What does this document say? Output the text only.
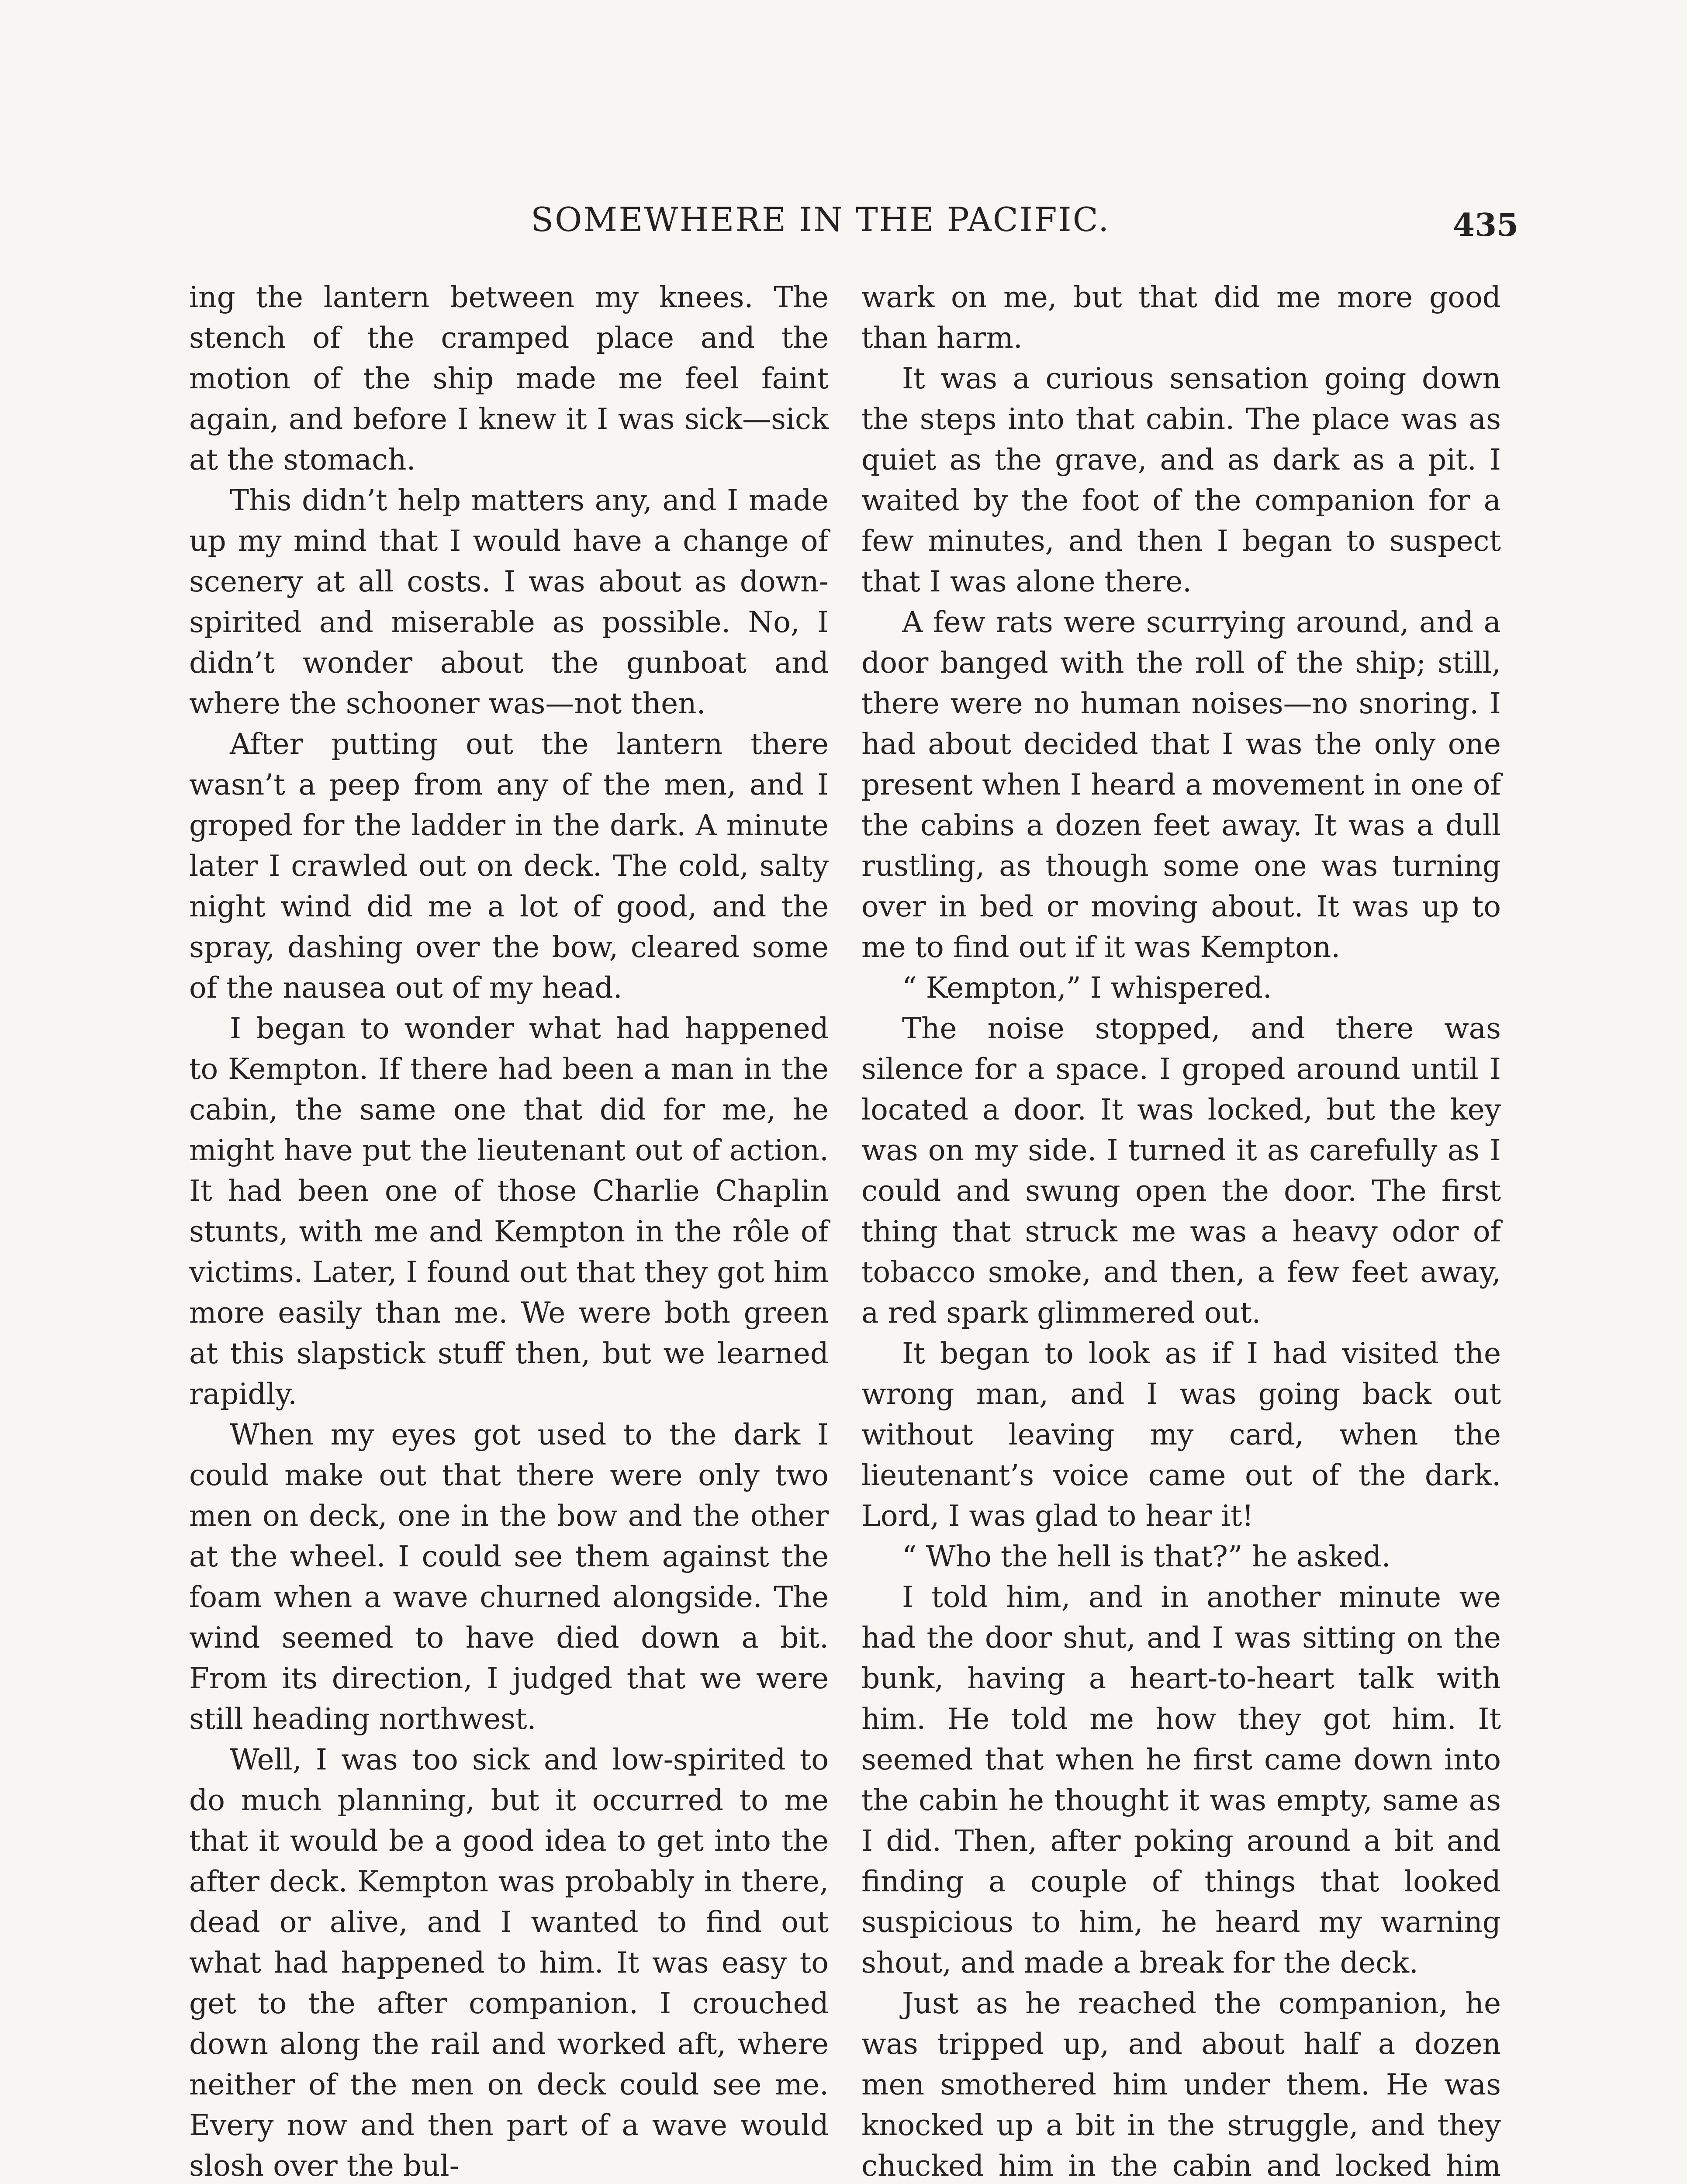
SOMEWHERE IN THE PACIFIC.	435

ing the lantern between my knees. The stench of the cramped place and the motion of the ship made me feel faint again, and before I knew it I was sick—sick at the stomach.

This didn’t help matters any, and I made up my mind that I would have a change of scenery at all costs. I was about as down-spirited and miserable as possible. No, I didn’t wonder about the gunboat and where the schooner was—not then.

After putting out the lantern there wasn’t a peep from any of the men, and I groped for the ladder in the dark. A minute later I crawled out on deck. The cold, salty night wind did me a lot of good, and the spray, dashing over the bow, cleared some of the nausea out of my head.

I began to wonder what had happened to Kempton. If there had been a man in the cabin, the same one that did for me, he might have put the lieutenant out of action. It had been one of those Charlie Chaplin stunts, with me and Kempton in the rôle of victims. Later, I found out that they got him more easily than me. We were both green at this slapstick stuff then, but we learned rapidly.

When my eyes got used to the dark I could make out that there were only two men on deck, one in the bow and the other at the wheel. I could see them against the foam when a wave churned alongside. The wind seemed to have died down a bit. From its direction, I judged that we were still heading northwest.

Well, I was too sick and low-spirited to do much planning, but it occurred to me that it would be a good idea to get into the after deck. Kempton was probably in there, dead or alive, and I wanted to find out what had happened to him. It was easy to get to the after companion. I crouched down along the rail and worked aft, where neither of the men on deck could see me. Every now and then part of a wave would slosh over the bul-

wark on me, but that did me more good than harm.

It was a curious sensation going down the steps into that cabin. The place was as quiet as the grave, and as dark as a pit. I waited by the foot of the companion for a few minutes, and then I began to suspect that I was alone there.

A few rats were scurrying around, and a door banged with the roll of the ship; still, there were no human noises—no snoring. I had about decided that I was the only one present when I heard a movement in one of the cabins a dozen feet away. It was a dull rustling, as though some one was turning over in bed or moving about. It was up to me to find out if it was Kempton.

“ Kempton,” I whispered.

The noise stopped, and there was silence for a space. I groped around until I located a door. It was locked, but the key was on my side. I turned it as carefully as I could and swung open the door. The first thing that struck me was a heavy odor of tobacco smoke, and then, a few feet away, a red spark glimmered out.

It began to look as if I had visited the wrong man, and I was going back out without leaving my card, when the lieutenant’s voice came out of the dark. Lord, I was glad to hear it!

“ Who the hell is that?” he asked.

I told him, and in another minute we had the door shut, and I was sitting on the bunk, having a heart-to-heart talk with him. He told me how they got him. It seemed that when he first came down into the cabin he thought it was empty, same as I did. Then, after poking around a bit and finding a couple of things that looked suspicious to him, he heard my warning shout, and made a break for the deck.

Just as he reached the companion, he was tripped up, and about half a dozen men smothered him under them. He was knocked up a bit in the struggle, and they chucked him in the cabin and locked him
